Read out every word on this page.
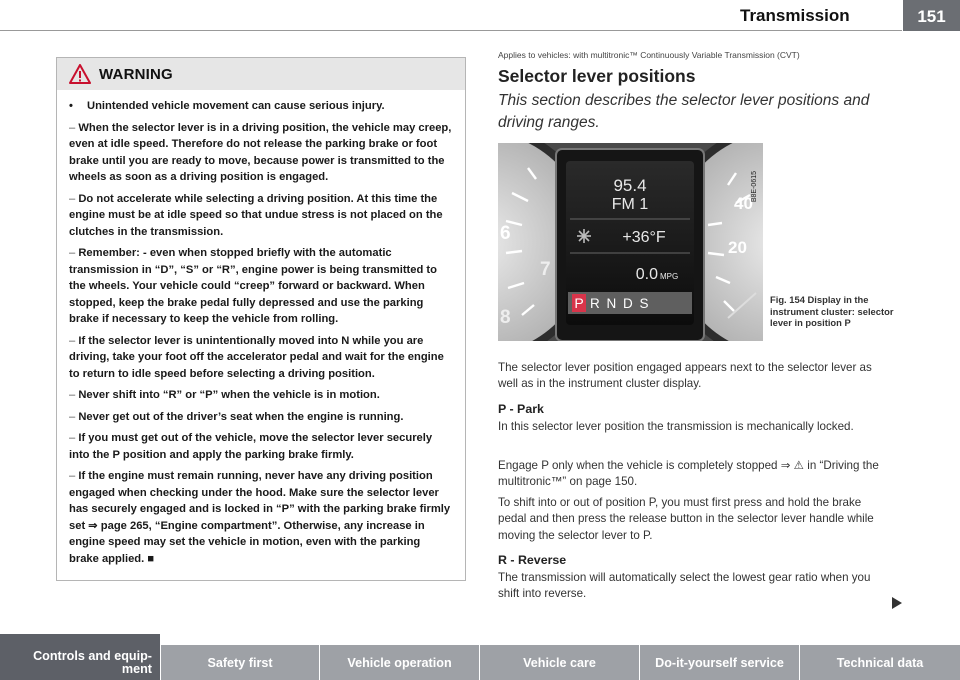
Transmission	151
WARNING
•	Unintended vehicle movement can cause serious injury.
– When the selector lever is in a driving position, the vehicle may creep, even at idle speed. Therefore do not release the parking brake or foot brake until you are ready to move, because power is transmitted to the wheels as soon as a driving position is engaged.
– Do not accelerate while selecting a driving position. At this time the engine must be at idle speed so that undue stress is not placed on the clutches in the transmission.
– Remember: - even when stopped briefly with the automatic transmission in “D”, “S” or “R”, engine power is being transmitted to the wheels. Your vehicle could “creep” forward or backward. When stopped, keep the brake pedal fully depressed and use the parking brake if necessary to keep the vehicle from rolling.
– If the selector lever is unintentionally moved into N while you are driving, take your foot off the accelerator pedal and wait for the engine to return to idle speed before selecting a driving position.
– Never shift into “R” or “P” when the vehicle is in motion.
– Never get out of the driver’s seat when the engine is running.
– If you must get out of the vehicle, move the selector lever securely into the P position and apply the parking brake firmly.
– If the engine must remain running, never have any driving position engaged when checking under the hood. Make sure the selector lever has securely engaged and is locked in “P” with the parking brake firmly set ⇒ page 265, “Engine compartment”. Otherwise, any increase in engine speed may set the vehicle in motion, even with the parking brake applied. ■
Applies to vehicles: with multitronic™ Continuously Variable Transmission (CVT)
Selector lever positions
This section describes the selector lever positions and driving ranges.
6
7
8
40
20
95.4
FM 1
+36°F
0.0 MPG
P R N D S
B8E-0615
Fig. 154 Display in the instrument cluster: selector lever in position P
The selector lever position engaged appears next to the selector lever as well as in the instrument cluster display.
P - Park
In this selector lever position the transmission is mechanically locked.
Engage P only when the vehicle is completely stopped ⇒ ⚠ in “Driving the multitronic™” on page 150.
To shift into or out of position P, you must first press and hold the brake pedal and then press the release button in the selector lever handle while moving the selector lever to P.
R - Reverse
The transmission will automatically select the lowest gear ratio when you shift into reverse.
Controls and equip-
ment	Safety first	Vehicle operation	Vehicle care	Do-it-yourself service	Technical data
